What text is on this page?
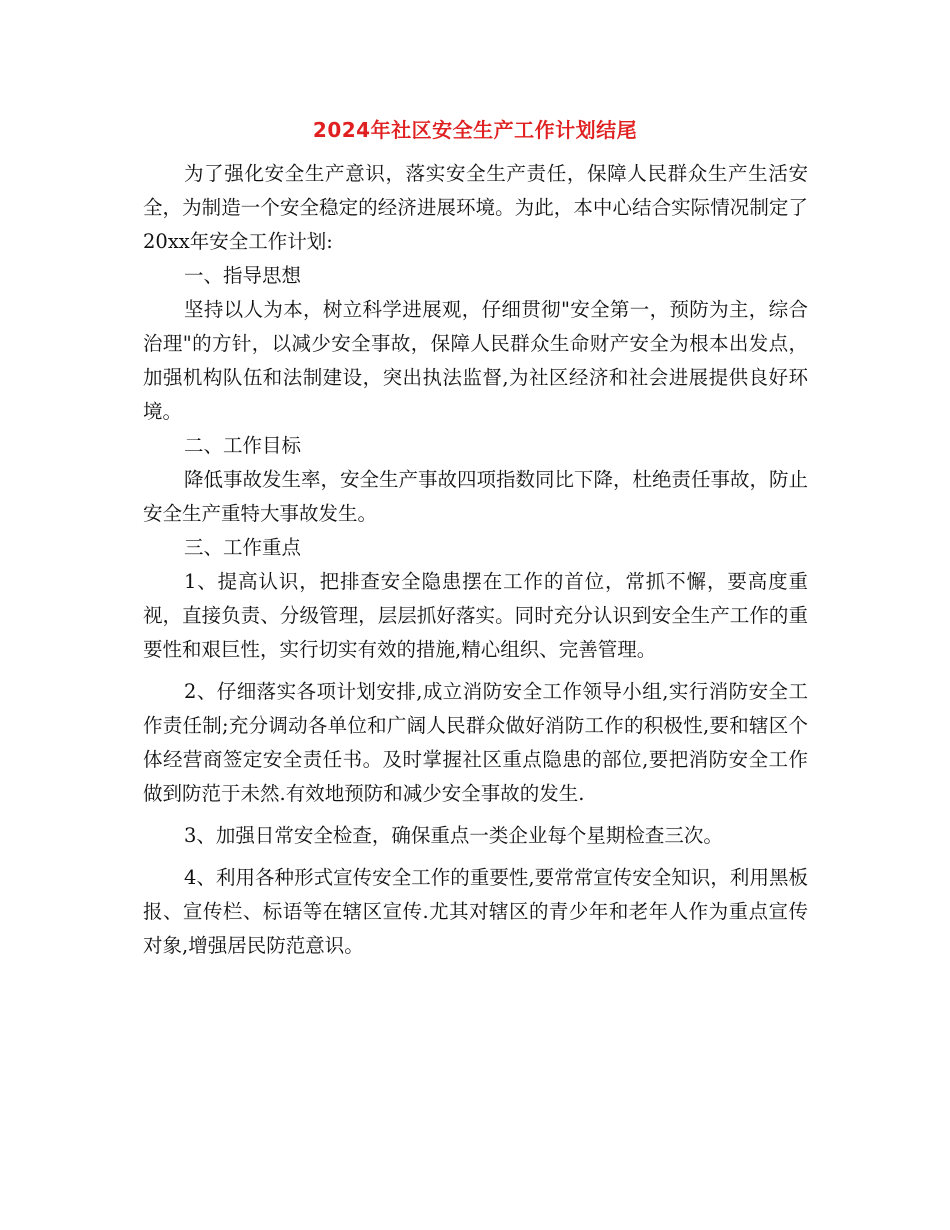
2024年社区安全生产工作计划结尾

为了强化安全生产意识，落实安全生产责任，保障人民群众生产生活安全，为制造一个安全稳定的经济进展环境。为此，本中心结合实际情况制定了20xx年安全工作计划:

一、指导思想

坚持以人为本，树立科学进展观，仔细贯彻"安全第一，预防为主，综合治理"的方针，以减少安全事故，保障人民群众生命财产安全为根本出发点，加强机构队伍和法制建设，突出执法监督,为社区经济和社会进展提供良好环境。

二、工作目标

降低事故发生率，安全生产事故四项指数同比下降，杜绝责任事故，防止安全生产重特大事故发生。

三、工作重点

1、提高认识，把排查安全隐患摆在工作的首位，常抓不懈，要高度重视，直接负责、分级管理，层层抓好落实。同时充分认识到安全生产工作的重要性和艰巨性，实行切实有效的措施,精心组织、完善管理。

2、仔细落实各项计划安排,成立消防安全工作领导小组,实行消防安全工作责任制;充分调动各单位和广阔人民群众做好消防工作的积极性,要和辖区个体经营商签定安全责任书。及时掌握社区重点隐患的部位,要把消防安全工作做到防范于未然.有效地预防和减少安全事故的发生.

3、加强日常安全检查，确保重点一类企业每个星期检查三次。

4、利用各种形式宣传安全工作的重要性,要常常宣传安全知识，利用黑板报、宣传栏、标语等在辖区宣传.尤其对辖区的青少年和老年人作为重点宣传对象,增强居民防范意识。
